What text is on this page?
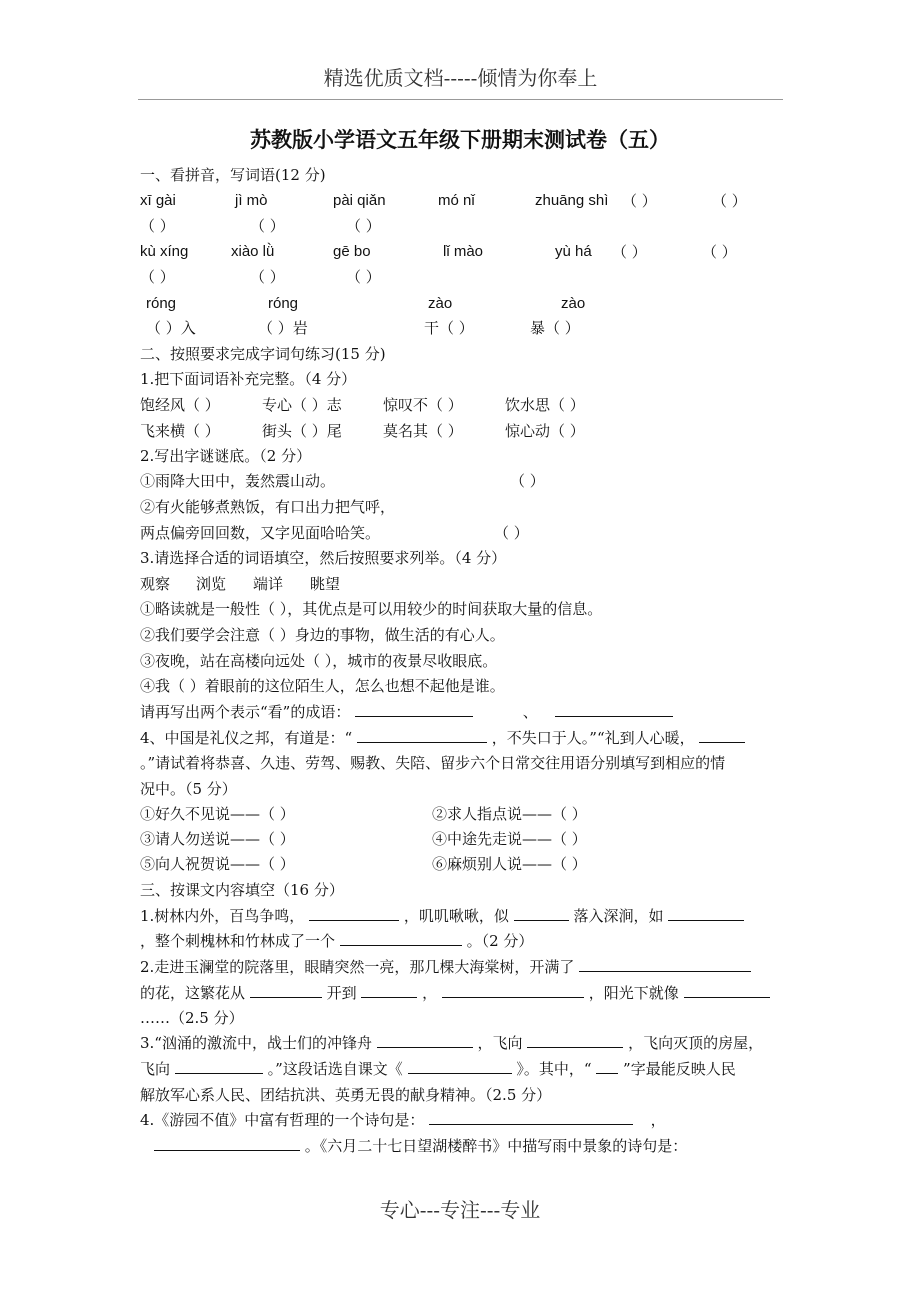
精选优质文档-----倾情为你奉上
苏教版小学语文五年级下册期末测试卷（五）
一、看拼音，写词语(12 分)
xī gài	jì mò	pài qiǎn	mó nǐ	zhuāng shì （ ）	（ ）
（ ）	（ ）	（ ）
kù xíng	xiào lǜ	gē bo	lǐ mào	yù há （ ）	（ ）
（ ）	（ ）	（ ）
róng	róng	zào	zào
（ ）入	（ ）岩	干（ ）	暴（ ）
二、按照要求完成字词句练习(15 分)
1.把下面词语补充完整。（4 分）
饱经风（ ）	专心（ ）志	惊叹不（ ）	饮水思（ ）
飞来横（ ）	街头（ ）尾	莫名其（ ）	惊心动（ ）
2.写出字谜谜底。（2 分）
①雨降大田中，轰然震山动。	（ ）
②有火能够煮熟饭，有口出力把气呼，
两点偏旁回回数，又字见面哈哈笑。	（ ）
3.请选择合适的词语填空，然后按照要求列举。（4 分）
观察 浏览 端详 眺望
①略读就是一般性（ ），其优点是可以用较少的时间获取大量的信息。
②我们要学会注意（ ）身边的事物，做生活的有心人。
③夜晚，站在高楼向远处（ ），城市的夜景尽收眼底。
④我（ ）着眼前的这位陌生人，怎么也想不起他是谁。
请再写出两个表示“看”的成语：	、
4、中国是礼仪之邦，有道是：“	，不失口于人。”“礼到人心暖，
。”请试着将恭喜、久违、劳驾、赐教、失陪、留步六个日常交往用语分别填写到相应的情
况中。（5 分）
①好久不见说——（ ）	②求人指点说——（ ）
③请人勿送说——（ ）	④中途先走说——（ ）
⑤向人祝贺说——（ ）	⑥麻烦别人说——（ ）
三、按课文内容填空（16 分）
1.树林内外，百鸟争鸣，	，叽叽啾啾，似	落入深涧，如
，整个刺槐林和竹林成了一个	。（2 分）
2.走进玉澜堂的院落里，眼睛突然一亮，那几棵大海棠树，开满了
的花，这繁花从	开到	，	，阳光下就像
……（2.5 分）
3.“汹涌的激流中，战士们的冲锋舟	，飞向	，飞向灭顶的房屋，
飞向	。”这段话选自课文《	》。其中，“ ”字最能反映人民
解放军心系人民、团结抗洪、英勇无畏的献身精神。（2.5 分）
4.《游园不值》中富有哲理的一个诗句是：	，
。《六月二十七日望湖楼醉书》中描写雨中景象的诗句是：
专心---专注---专业
